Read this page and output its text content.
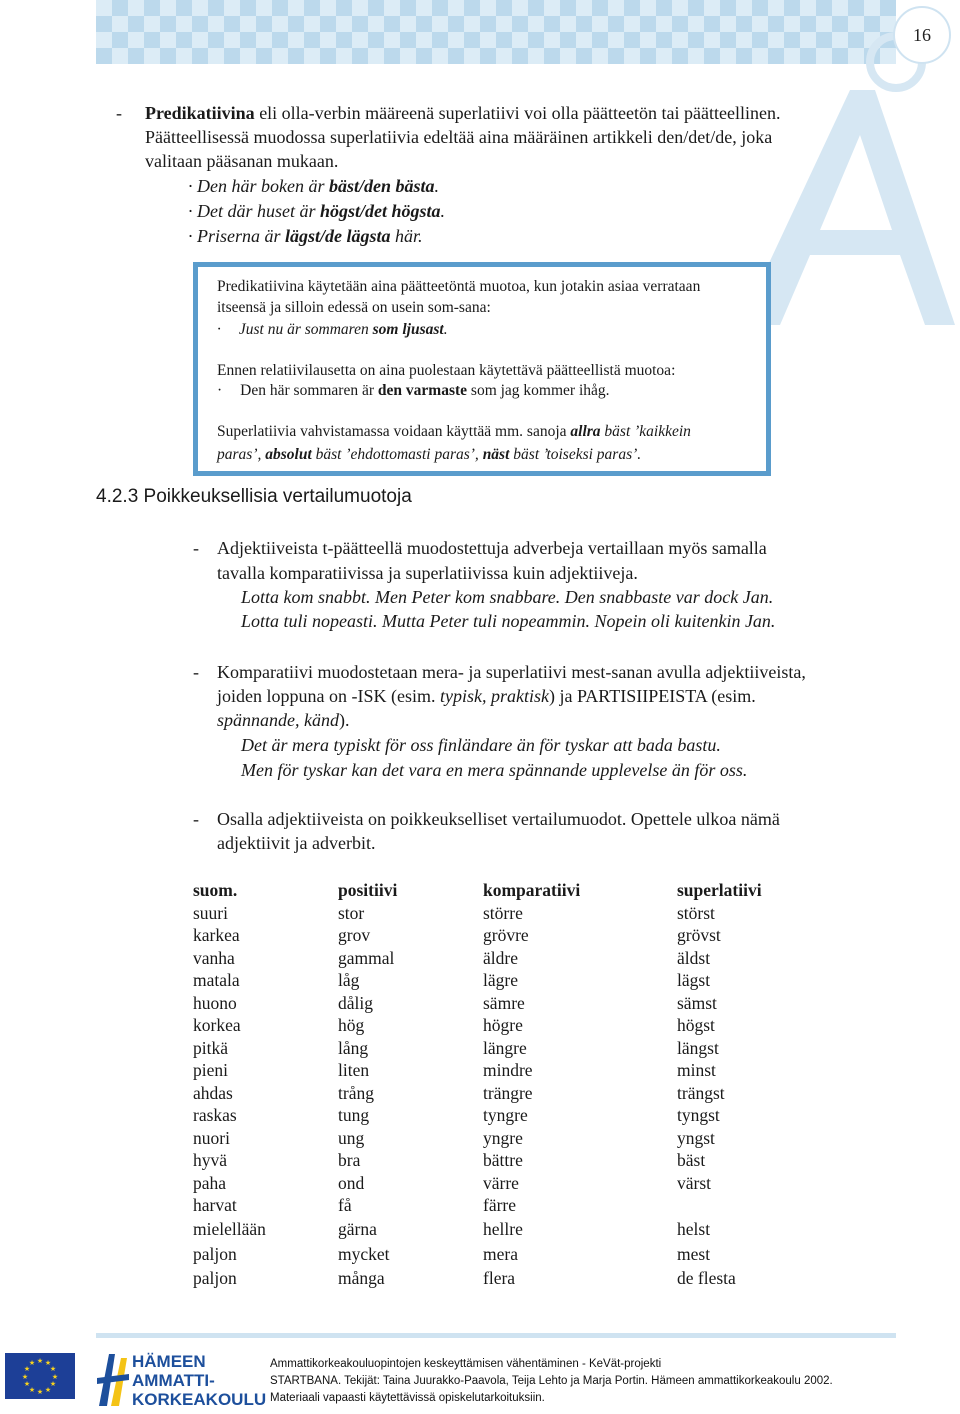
16
- Predikatiivina eli olla-verbin määreenä superlatiivi voi olla päätteetön tai päätteellinen.
Päätteellisessä muodossa superlatiivia edeltää aina määräinen artikkeli den/det/de, joka
valitaan pääsanan mukaan.
· Den här boken är bäst/den bästa.
· Det där huset är högst/det högsta.
· Priserna är lägst/de lägsta här.
Predikatiivina käytetään aina päätteetöntä muotoa, kun jotakin asiaa verrataan
itseensä ja silloin edessä on usein som-sana:
· Just nu är sommaren som ljusast.
Ennen relatiivilausetta on aina puolestaan käytettävä päätteellistä muotoa:
· Den här sommaren är den varmaste som jag kommer ihåg.
Superlatiivia vahvistamassa voidaan käyttää mm. sanoja allra bäst ’kaikkein
paras’, absolut bäst ’ehdottomasti paras’, näst bäst ’toiseksi paras’.
4.2.3 Poikkeuksellisia vertailumuotoja
- Adjektiiveista t-päätteellä muodostettuja adverbeja vertaillaan myös samalla
tavalla komparatiivissa ja superlatiivissa kuin adjektiiveja.
Lotta kom snabbt. Men Peter kom snabbare. Den snabbaste var dock Jan.
Lotta tuli nopeasti. Mutta Peter tuli nopeammin. Nopein oli kuitenkin Jan.
- Komparatiivi muodostetaan mera- ja superlatiivi mest-sanan avulla adjektiiveista,
joiden loppuna on -ISK (esim. typisk, praktisk) ja PARTISIIPEISTA (esim.
spännande, känd).
Det är mera typiskt för oss finländare än för tyskar att bada bastu.
Men för tyskar kan det vara en mera spännande upplevelse än för oss.
- Osalla adjektiiveista on poikkeukselliset vertailumuodot. Opettele ulkoa nämä
adjektiivit ja adverbit.
suom.	positiivi	komparatiivi	superlatiivi
suuri	stor	större	störst
karkea	grov	grövre	grövst
vanha	gammal	äldre	äldst
matala	låg	lägre	lägst
huono	dålig	sämre	sämst
korkea	hög	högre	högst
pitkä	lång	längre	längst
pieni	liten	mindre	minst
ahdas	trång	trängre	trängst
raskas	tung	tyngre	tyngst
nuori	ung	yngre	yngst
hyvä	bra	bättre	bäst
paha	ond	värre	värst
harvat	få	färre
mielellään	gärna	hellre	helst
paljon	mycket	mera	mest
paljon	många	flera	de flesta
★ ★
★
★
★
★
★
★
★
★
★
★	HÄMEEN
AMMATTI-
KORKEAKOULU
Ammattikorkeakouluopintojen keskeyttämisen vähentäminen - KeVät-projekti
STARTBANA. Tekijät: Taina Juurakko-Paavola, Teija Lehto ja Marja Portin. Hämeen ammattikorkeakoulu 2002.
Materiaali vapaasti käytettävissä opiskelutarkoituksiin.
